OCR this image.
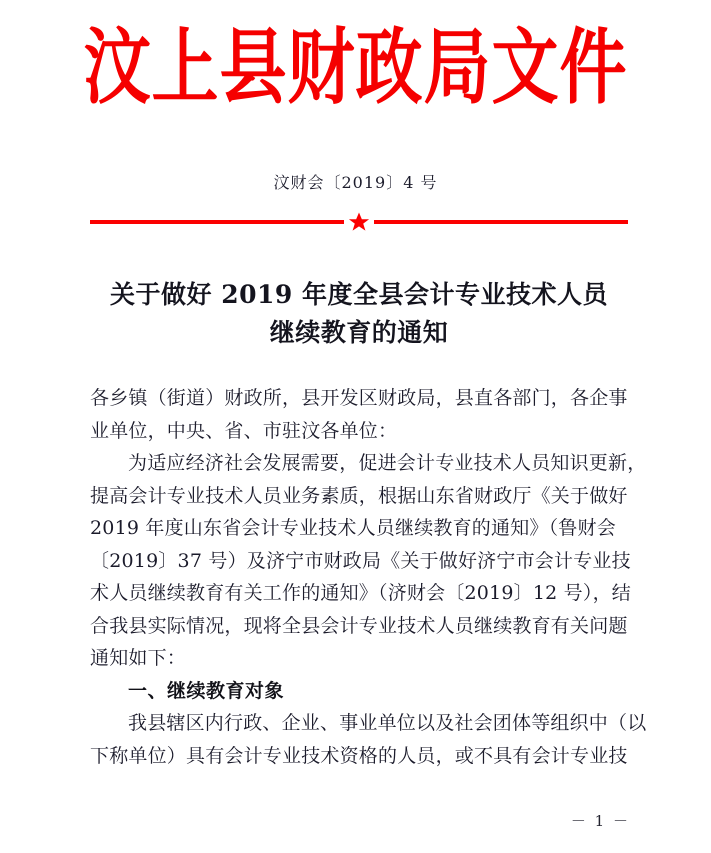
汶上县财政局文件
汶财会〔2019〕4 号
关于做好 2019 年度全县会计专业技术人员
继续教育的通知
各乡镇（街道）财政所，县开发区财政局，县直各部门，各企事
业单位，中央、省、市驻汶各单位：
为适应经济社会发展需要，促进会计专业技术人员知识更新，
提高会计专业技术人员业务素质，根据山东省财政厅《关于做好
2019 年度山东省会计专业技术人员继续教育的通知》（鲁财会
〔2019〕37 号）及济宁市财政局《关于做好济宁市会计专业技
术人员继续教育有关工作的通知》（济财会〔2019〕12 号），结
合我县实际情况，现将全县会计专业技术人员继续教育有关问题
通知如下：
一、继续教育对象
我县辖区内行政、企业、事业单位以及社会团体等组织中（以
下称单位）具有会计专业技术资格的人员，或不具有会计专业技
－ 1 －
